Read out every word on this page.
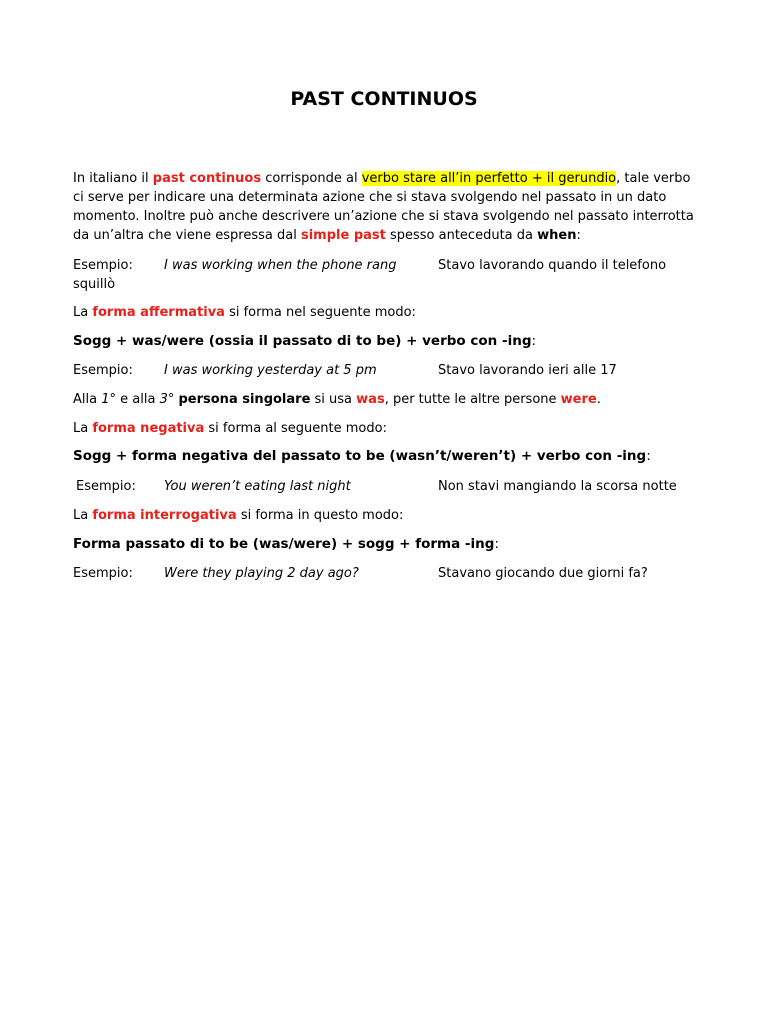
PAST CONTINUOS
In italiano il past continuos corrisponde al verbo stare all’in perfetto + il gerundio, tale verbo ci serve per indicare una determinata azione che si stava svolgendo nel passato in un dato momento. Inoltre può anche descrivere un’azione che si stava svolgendo nel passato interrotta da un’altra che viene espressa dal simple past spesso anteceduta da when:
Esempio: I was working when the phone rang	Stavo lavorando quando il telefono
squillò
La forma affermativa si forma nel seguente modo:
Sogg + was/were (ossia il passato di to be) + verbo con -ing:
Esempio: I was working yesterday at 5 pm	Stavo lavorando ieri alle 17
Alla 1° e alla 3° persona singolare si usa was, per tutte le altre persone were.
La forma negativa si forma al seguente modo:
Sogg + forma negativa del passato to be (wasn’t/weren’t) + verbo con -ing:
Esempio: You weren’t eating last night	Non stavi mangiando la scorsa notte
La forma interrogativa si forma in questo modo:
Forma passato di to be (was/were) + sogg + forma -ing:
Esempio: Were they playing 2 day ago?	Stavano giocando due giorni fa?
